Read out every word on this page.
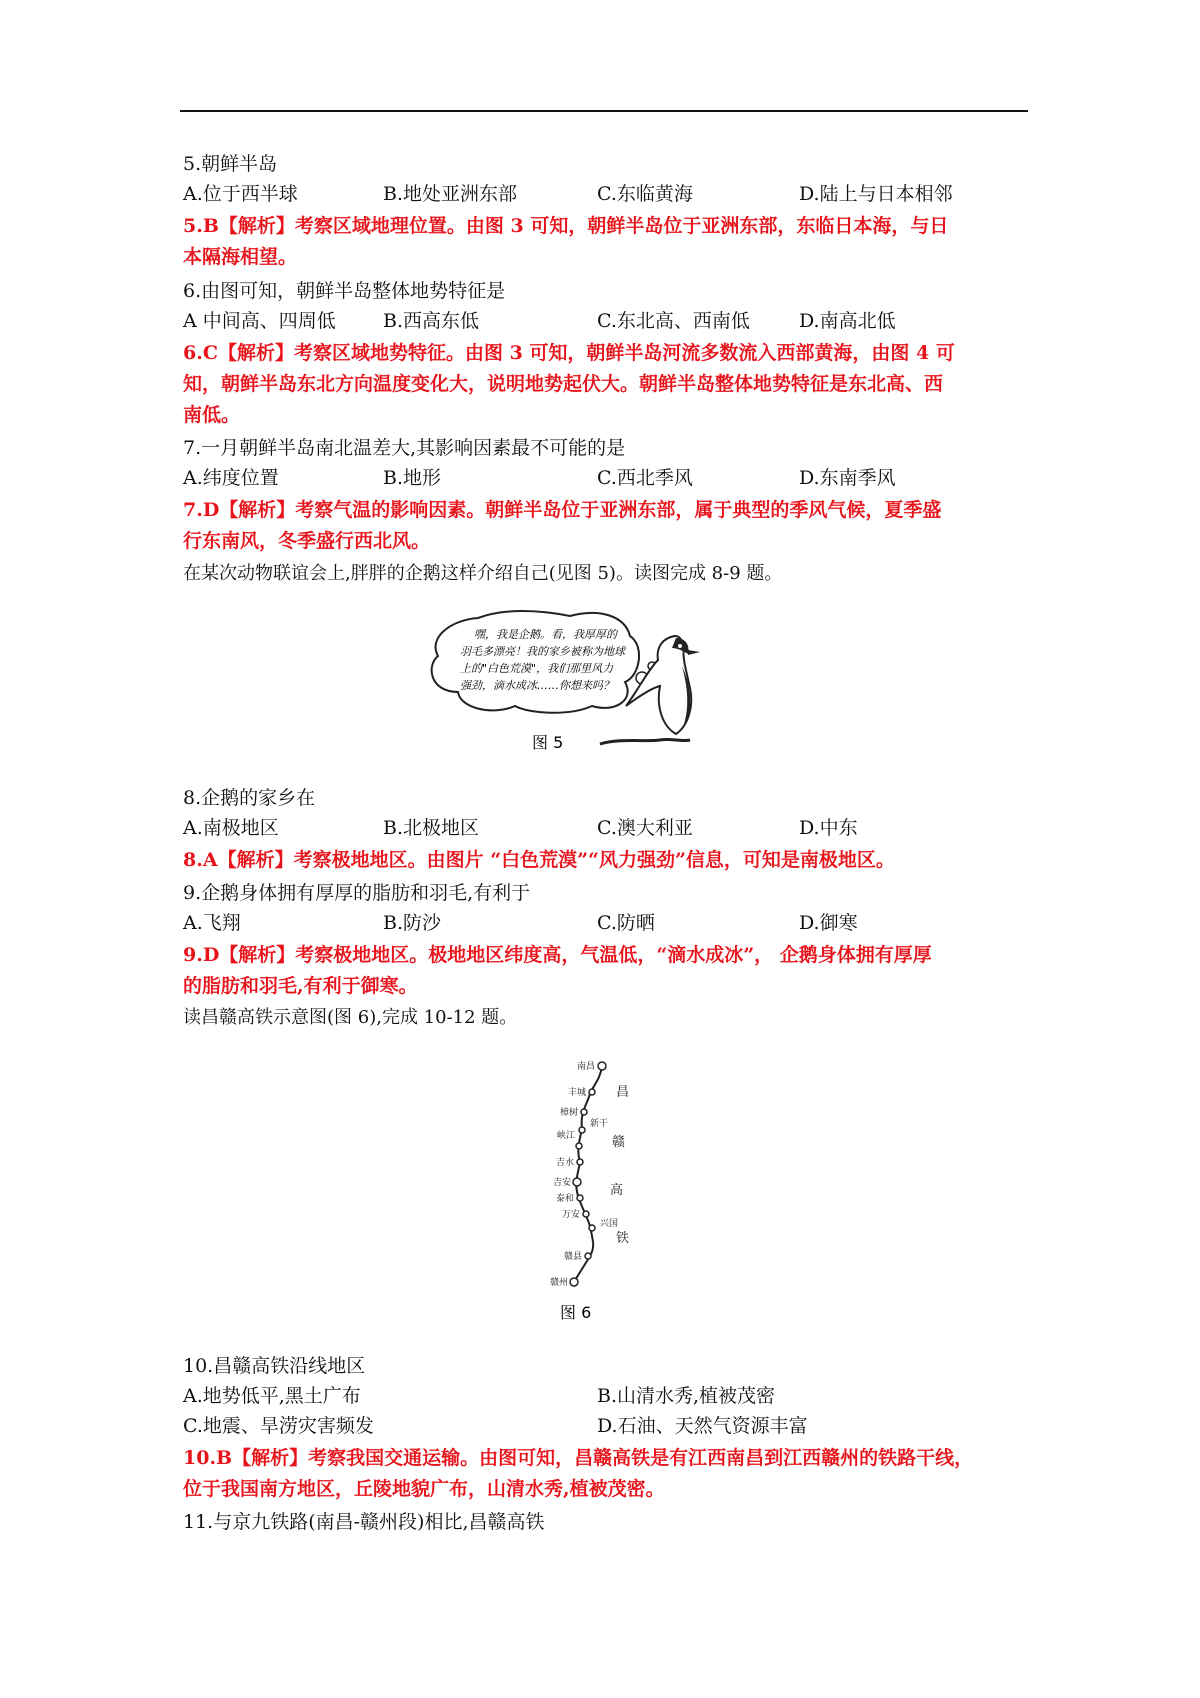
5.朝鲜半岛
A.位于西半球	B.地处亚洲东部	C.东临黄海	D.陆上与日本相邻
5.B【解析】考察区域地理位置。由图 3 可知，朝鲜半岛位于亚洲东部，东临日本海，与日
本隔海相望。
6.由图可知，朝鲜半岛整体地势特征是
A 中间高、四周低 B.西高东低	C.东北高、西南低	D.南高北低
6.C【解析】考察区域地势特征。由图 3 可知，朝鲜半岛河流多数流入西部黄海，由图 4 可
知，朝鲜半岛东北方向温度变化大，说明地势起伏大。朝鲜半岛整体地势特征是东北高、西
南低。
7.一月朝鲜半岛南北温差大,其影响因素最不可能的是
A.纬度位置	B.地形	C.西北季风	D.东南季风
7.D【解析】考察气温的影响因素。朝鲜半岛位于亚洲东部，属于典型的季风气候，夏季盛
行东南风，冬季盛行西北风。
在某次动物联谊会上,胖胖的企鹅这样介绍自己(见图 5)。读图完成 8-9 题。
嘿，我是企鹅。看，我厚厚的
羽毛多漂亮！我的家乡被称为地球
上的"白色荒漠"，我们那里风力
强劲，滴水成冰……你想来吗？
图 5
8.企鹅的家乡在
A.南极地区	B.北极地区	C.澳大利亚	D.中东
8.A【解析】考察极地地区。由图片 “白色荒漠”“风力强劲”信息，可知是南极地区。
9.企鹅身体拥有厚厚的脂肪和羽毛,有利于
A.飞翔	B.防沙	C.防晒	D.御寒
9.D【解析】考察极地地区。极地地区纬度高，气温低，“滴水成冰”， 企鹅身体拥有厚厚
的脂肪和羽毛,有利于御寒。
读昌赣高铁示意图(图 6),完成 10-12 题。
南昌
丰城
樟树
新干
峡江
吉水
吉安
泰和
万安
兴国
赣县
赣州
昌
赣
高
铁
图 6
10.昌赣高铁沿线地区
A.地势低平,黑土广布	B.山清水秀,植被茂密
C.地震、旱涝灾害频发	D.石油、天然气资源丰富
10.B【解析】考察我国交通运输。由图可知，昌赣高铁是有江西南昌到江西赣州的铁路干线，
位于我国南方地区，丘陵地貌广布，山清水秀,植被茂密。
11.与京九铁路(南昌-赣州段)相比,昌赣高铁
